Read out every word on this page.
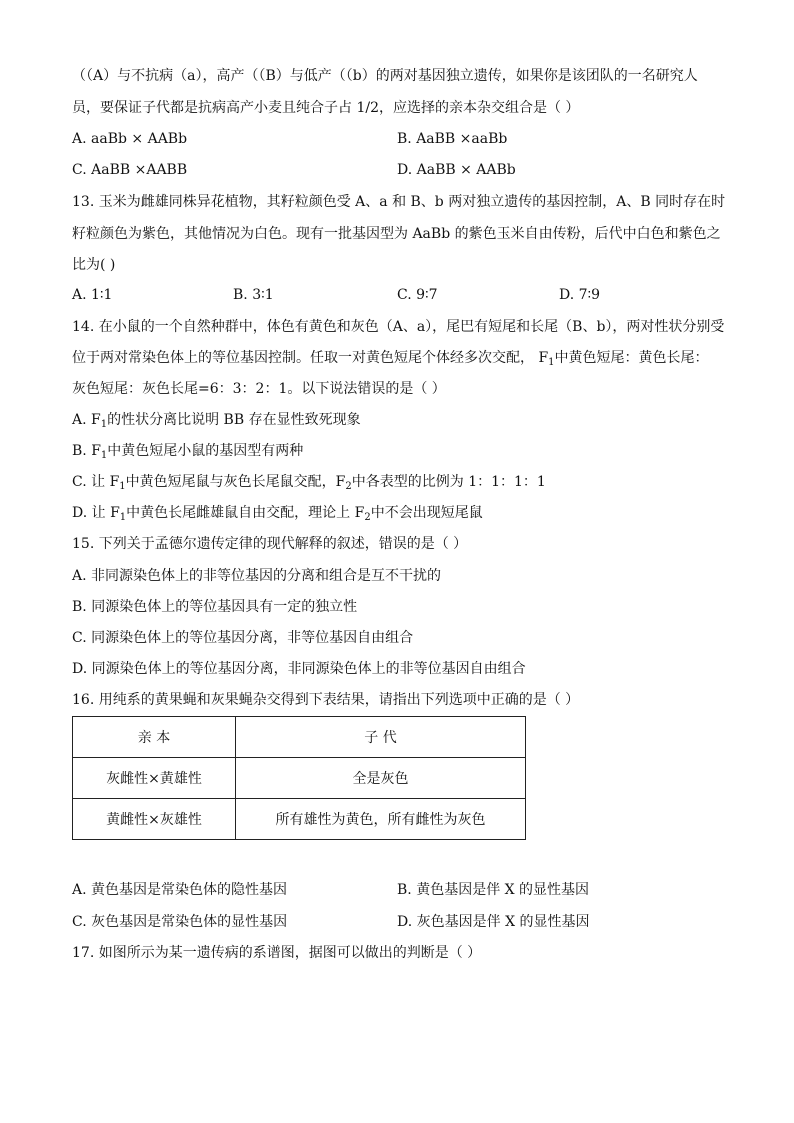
（（A）与不抗病（a），高产（（B）与低产（（b）的两对基因独立遗传，如果你是该团队的一名研究人
员，要保证子代都是抗病高产小麦且纯合子占 1/2，应选择的亲本杂交组合是（ ）
A. aaBb × AABb	B. AaBB ×aaBb
C. AaBB ×AABB	D. AaBB × AABb
13. 玉米为雌雄同株异花植物，其籽粒颜色受 A、a 和 B、b 两对独立遗传的基因控制，A、B 同时存在时
籽粒颜色为紫色，其他情况为白色。现有一批基因型为 AaBb 的紫色玉米自由传粉，后代中白色和紫色之
比为( )
A. 1∶1	B. 3∶1	C. 9∶7	D. 7∶9
14. 在小鼠的一个自然种群中，体色有黄色和灰色（A、a），尾巴有短尾和长尾（B、b），两对性状分别受
位于两对常染色体上的等位基因控制。任取一对黄色短尾个体经多次交配， $F_1$中黄色短尾：黄色长尾：
灰色短尾：灰色长尾=6：3：2：1。以下说法错误的是（ ）
A. $F_1$的性状分离比说明 BB 存在显性致死现象
B. $F_1$中黄色短尾小鼠的基因型有两种
C. 让 $F_1$中黄色短尾鼠与灰色长尾鼠交配，$F_2$中各表型的比例为 1：1：1：1
D. 让 $F_1$中黄色长尾雌雄鼠自由交配，理论上 $F_2$中不会出现短尾鼠
15. 下列关于孟德尔遗传定律的现代解释的叙述，错误的是（ ）
A. 非同源染色体上的非等位基因的分离和组合是互不干扰的
B. 同源染色体上的等位基因具有一定的独立性
C. 同源染色体上的等位基因分离，非等位基因自由组合
D. 同源染色体上的等位基因分离，非同源染色体上的非等位基因自由组合
16. 用纯系的黄果蝇和灰果蝇杂交得到下表结果，请指出下列选项中正确的是（ ）
亲 本	子 代
灰雌性×黄雄性	全是灰色
黄雌性×灰雄性	所有雄性为黄色，所有雌性为灰色
A. 黄色基因是常染色体的隐性基因	B. 黄色基因是伴 X 的显性基因
C. 灰色基因是常染色体的显性基因	D. 灰色基因是伴 X 的显性基因
17. 如图所示为某一遗传病的系谱图，据图可以做出的判断是（ ）
